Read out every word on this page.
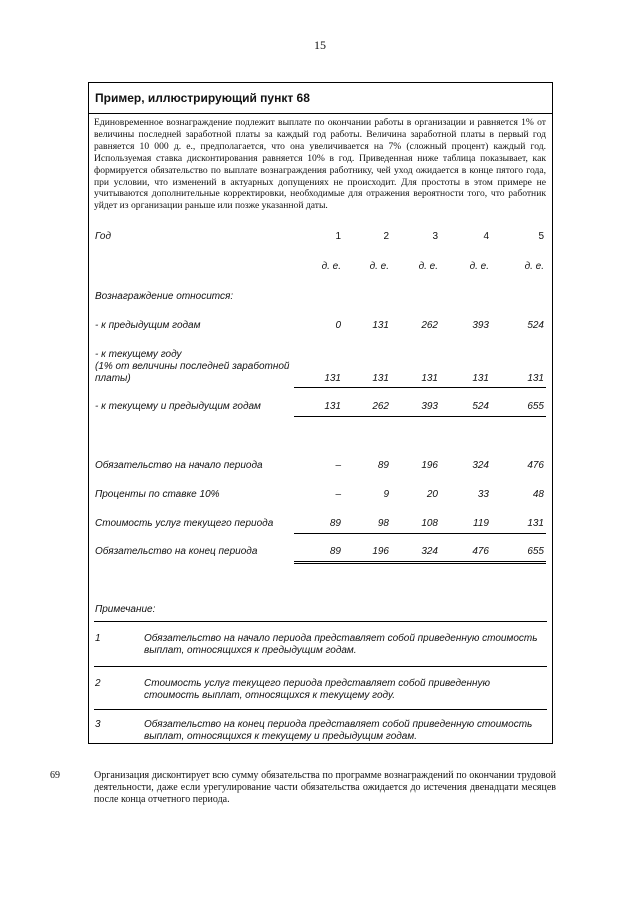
15
Пример, иллюстрирующий пункт 68
Единовременное вознаграждение подлежит выплате по окончании работы в организации и равняется 1% от величины последней заработной платы за каждый год работы. Величина заработной платы в первый год равняется 10 000 д. е., предполагается, что она увеличивается на 7% (сложный процент) каждый год. Используемая ставка дисконтирования равняется 10% в год. Приведенная ниже таблица показывает, как формируется обязательство по выплате вознаграждения работнику, чей уход ожидается в конце пятого года, при условии, что изменений в актуарных допущениях не происходит. Для простоты в этом примере не учитываются дополнительные корректировки, необходимые для отражения вероятности того, что работник уйдет из организации раньше или позже указанной даты.
Год	1	2	3	4	5
д. е.	д. е.	д. е.	д. е.	д. е.
Вознаграждение относится:
- к предыдущим годам	0	131	262	393	524
- к текущему году
(1% от величины последней заработной
платы)	131	131	131	131	131
- к текущему и предыдущим годам	131	262	393	524	655
Обязательство на начало периода	–	89	196	324	476
Проценты по ставке 10%	–	9	20	33	48
Стоимость услуг текущего периода	89	98	108	119	131
Обязательство на конец периода	89	196	324	476	655
Примечание:
1	Обязательство на начало периода представляет собой приведенную стоимость выплат, относящихся к предыдущим годам.
2	Стоимость услуг текущего периода представляет собой приведенную стоимость выплат, относящихся к текущему году.
3	Обязательство на конец периода представляет собой приведенную стоимость выплат, относящихся к текущему и предыдущим годам.
69	Организация дисконтирует всю сумму обязательства по программе вознаграждений по окончании трудовой деятельности, даже если урегулирование части обязательства ожидается до истечения двенадцати месяцев после конца отчетного периода.
